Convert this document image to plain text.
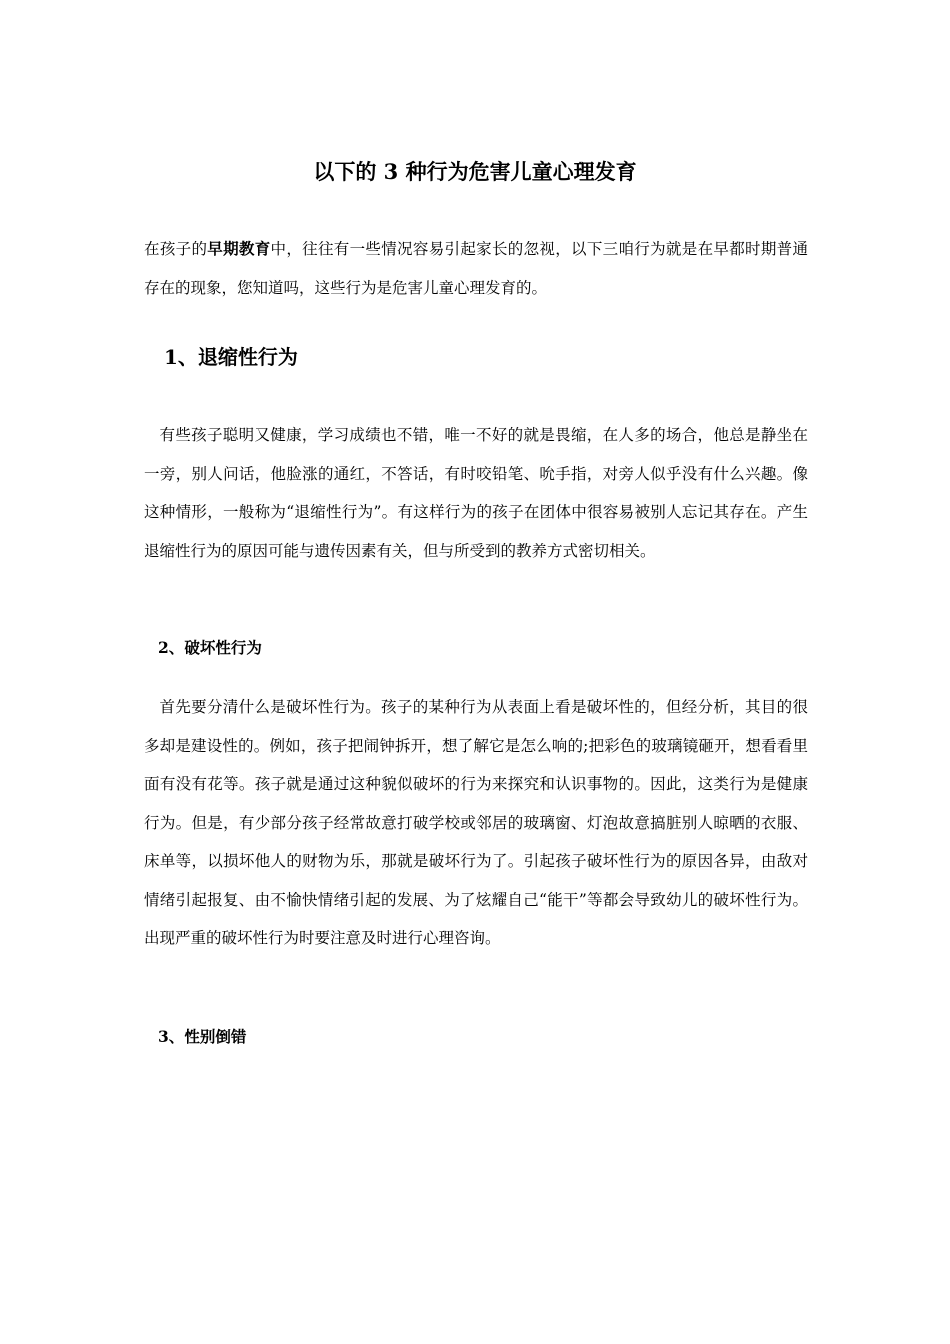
以下的 3 种行为危害儿童心理发育

在孩子的早期教育中，往往有一些情况容易引起家长的忽视，以下三咱行为就是在早都时期普通存在的现象，您知道吗，这些行为是危害儿童心理发育的。

1、退缩性行为

有些孩子聪明又健康，学习成绩也不错，唯一不好的就是畏缩，在人多的场合，他总是静坐在一旁，别人问话，他脸涨的通红，不答话，有时咬铅笔、吮手指，对旁人似乎没有什么兴趣。像这种情形，一般称为“退缩性行为”。有这样行为的孩子在团体中很容易被别人忘记其存在。产生退缩性行为的原因可能与遗传因素有关，但与所受到的教养方式密切相关。

2、破坏性行为

首先要分清什么是破坏性行为。孩子的某种行为从表面上看是破坏性的，但经分析，其目的很多却是建设性的。例如，孩子把闹钟拆开，想了解它是怎么响的;把彩色的玻璃镜砸开，想看看里面有没有花等。孩子就是通过这种貌似破坏的行为来探究和认识事物的。因此，这类行为是健康行为。但是，有少部分孩子经常故意打破学校或邻居的玻璃窗、灯泡故意搞脏别人晾晒的衣服、床单等，以损坏他人的财物为乐，那就是破坏行为了。引起孩子破坏性行为的原因各异，由敌对情绪引起报复、由不愉快情绪引起的发展、为了炫耀自己“能干”等都会导致幼儿的破坏性行为。出现严重的破坏性行为时要注意及时进行心理咨询。

3、性别倒错
